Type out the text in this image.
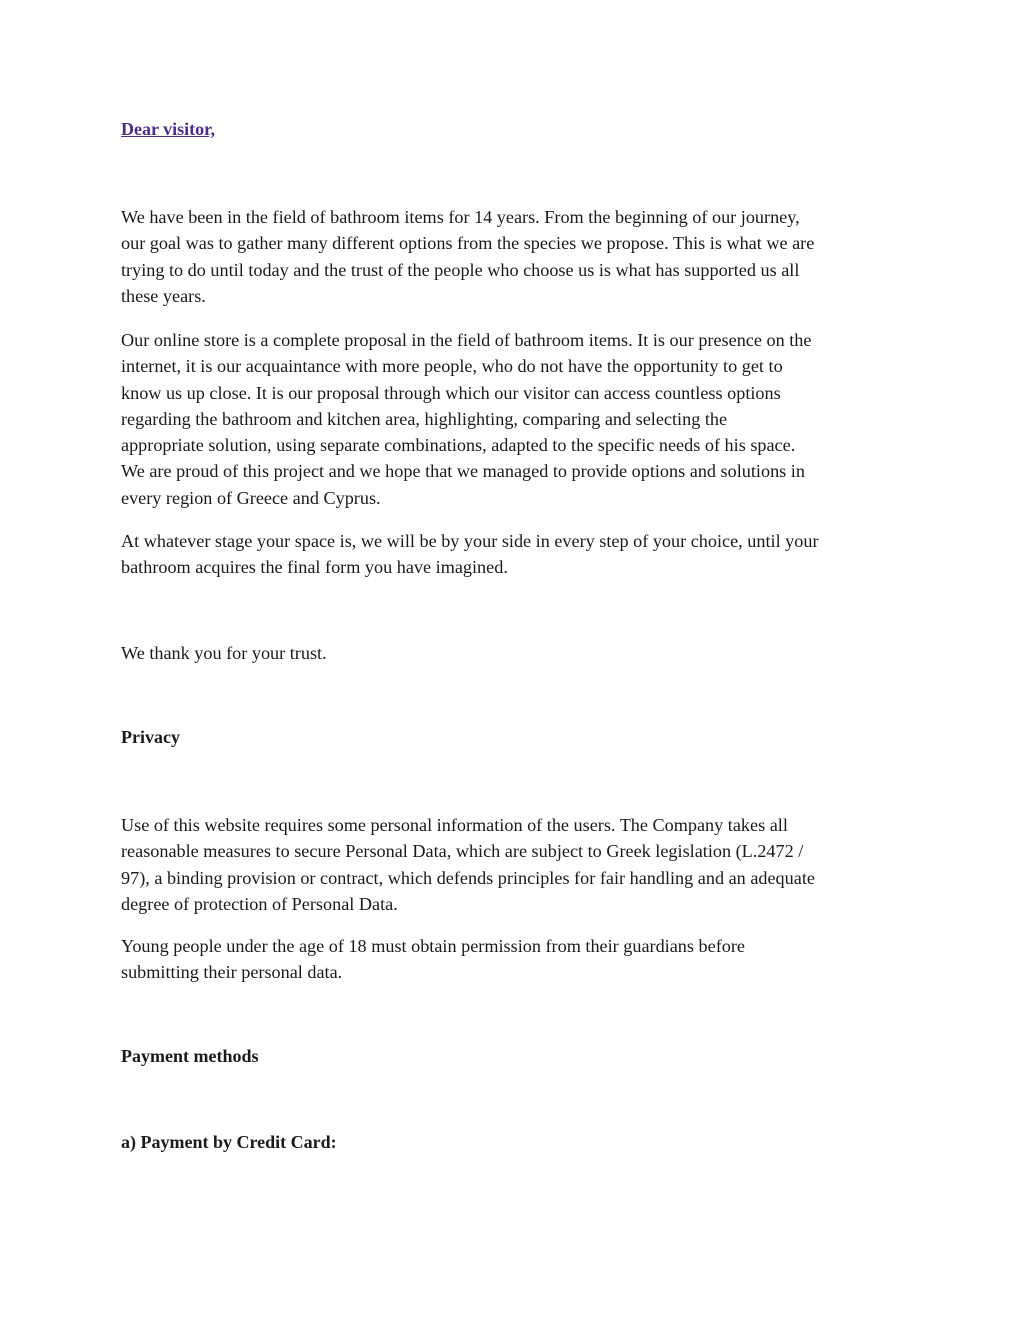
Dear visitor,

We have been in the field of bathroom items for 14 years. From the beginning of our journey,
our goal was to gather many different options from the species we propose. This is what we are
trying to do until today and the trust of the people who choose us is what has supported us all
these years.

Our online store is a complete proposal in the field of bathroom items. It is our presence on the
internet, it is our acquaintance with more people, who do not have the opportunity to get to
know us up close. It is our proposal through which our visitor can access countless options
regarding the bathroom and kitchen area, highlighting, comparing and selecting the
appropriate solution, using separate combinations, adapted to the specific needs of his space.
We are proud of this project and we hope that we managed to provide options and solutions in
every region of Greece and Cyprus.

At whatever stage your space is, we will be by your side in every step of your choice, until your
bathroom acquires the final form you have imagined.

We thank you for your trust.

Privacy

Use of this website requires some personal information of the users. The Company takes all
reasonable measures to secure Personal Data, which are subject to Greek legislation (L.2472 /
97), a binding provision or contract, which defends principles for fair handling and an adequate
degree of protection of Personal Data.

Young people under the age of 18 must obtain permission from their guardians before
submitting their personal data.

Payment methods
a) Payment by Credit Card:
